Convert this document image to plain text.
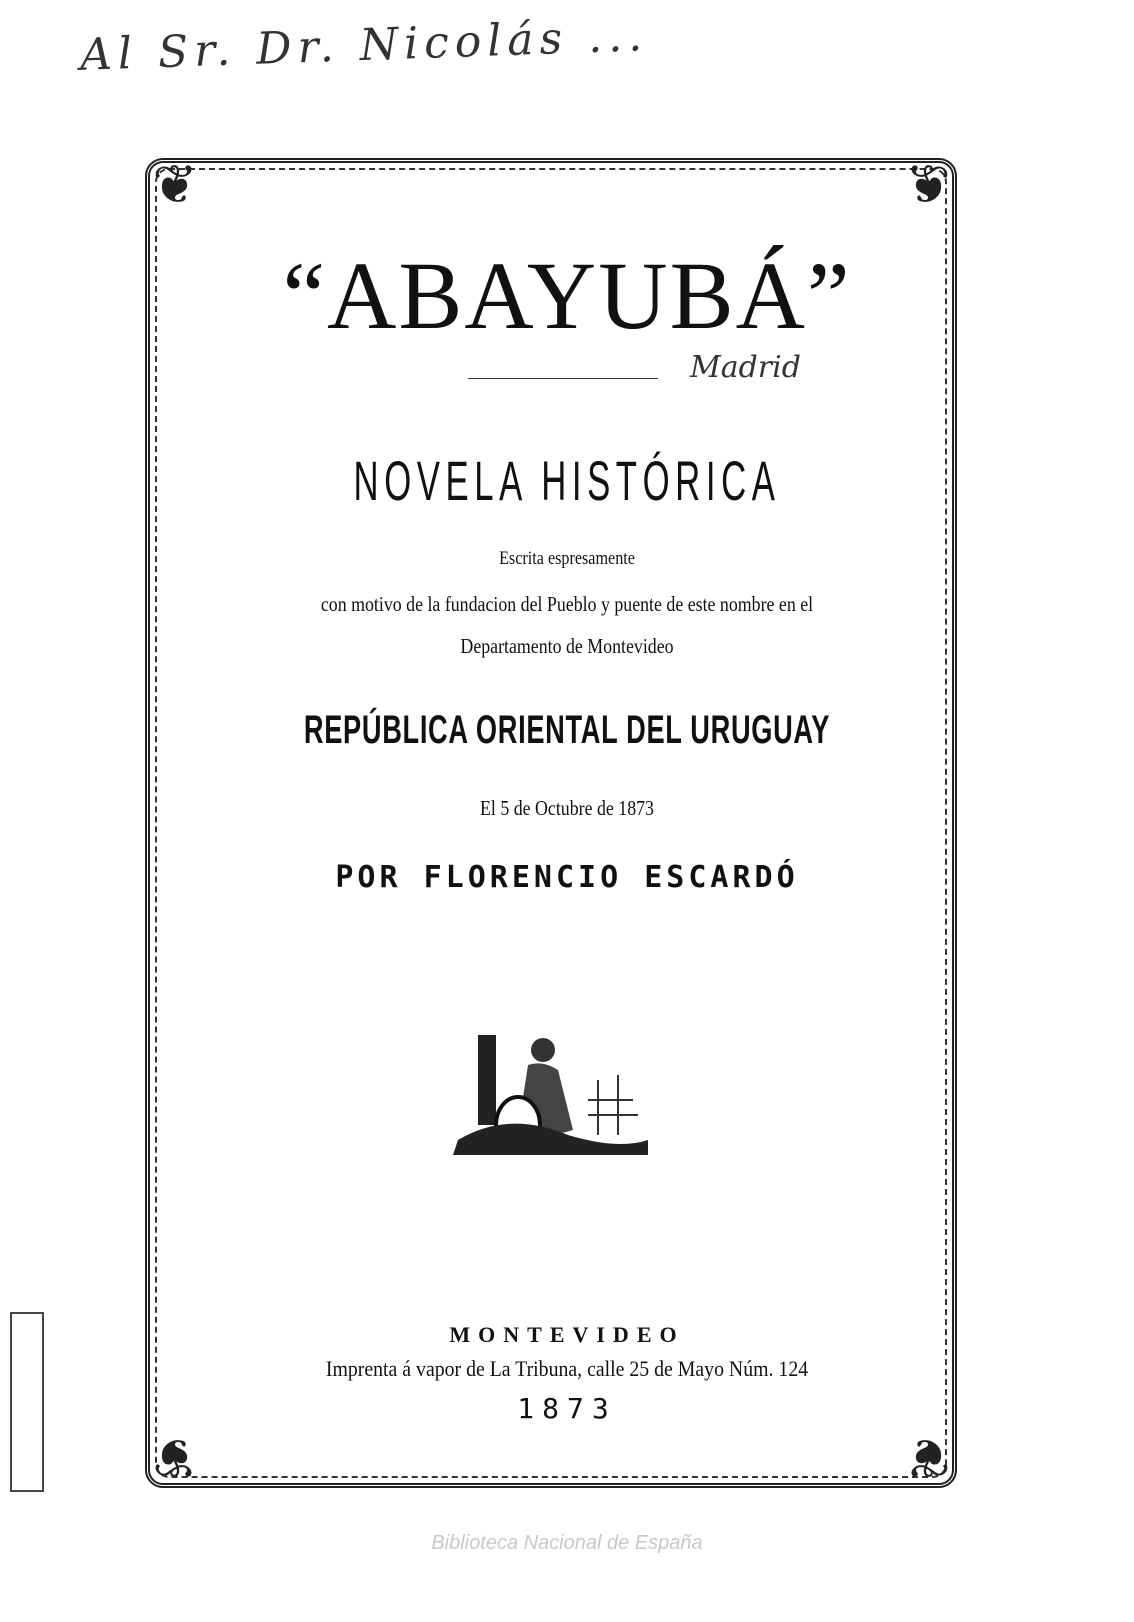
Al Sr. Dr. Nicolás ...
❦	❦
❦	❦
“ABAYUBÁ”
Madrid
NOVELA HISTÓRICA
Escrita espresamente
con motivo de la fundacion del Pueblo y puente de este nombre en el
Departamento de Montevideo
REPÚBLICA ORIENTAL DEL URUGUAY
El 5 de Octubre de 1873
POR FLORENCIO ESCARDÓ
MONTEVIDEO
Imprenta á vapor de La Tribuna, calle 25 de Mayo Núm. 124
1873
Biblioteca Nacional de España
